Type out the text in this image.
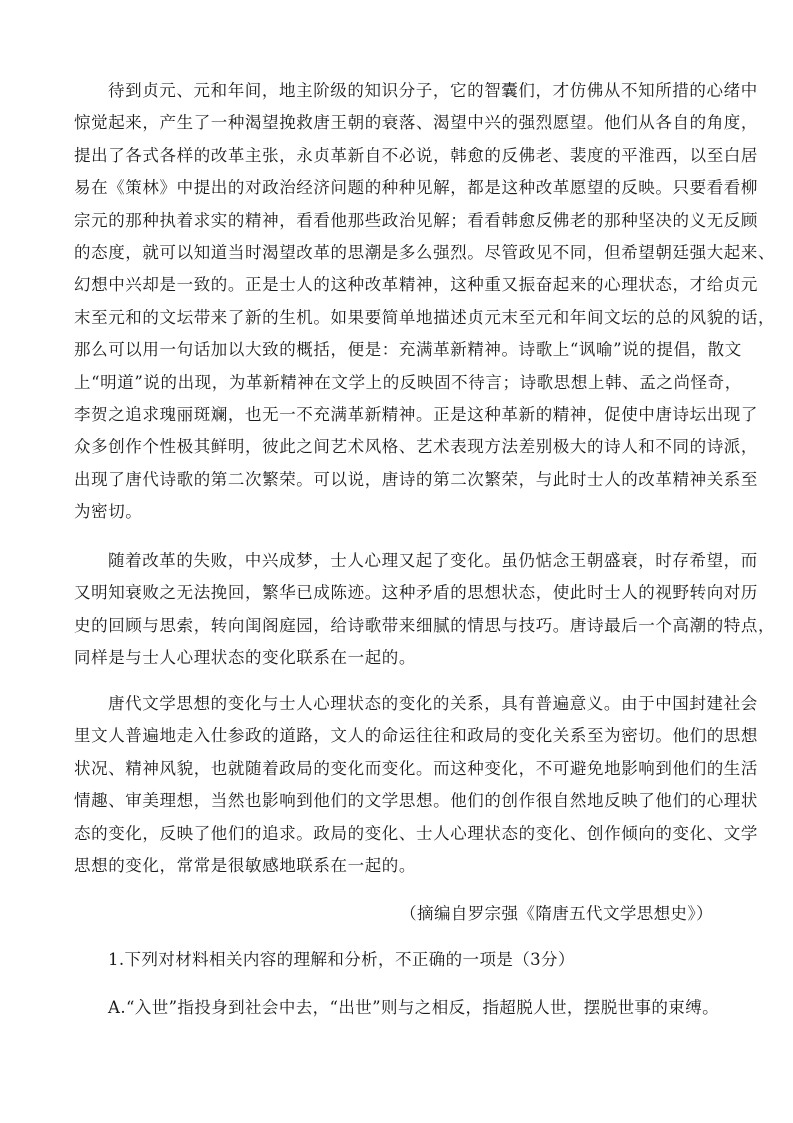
待到贞元、元和年间，地主阶级的知识分子，它的智囊们，才仿佛从不知所措的心绪中
惊觉起来，产生了一种渴望挽救唐王朝的衰落、渴望中兴的强烈愿望。他们从各自的角度，
提出了各式各样的改革主张，永贞革新自不必说，韩愈的反佛老、裴度的平淮西，以至白居
易在《策林》中提出的对政治经济问题的种种见解，都是这种改革愿望的反映。只要看看柳
宗元的那种执着求实的精神，看看他那些政治见解；看看韩愈反佛老的那种坚决的义无反顾
的态度，就可以知道当时渴望改革的思潮是多么强烈。尽管政见不同，但希望朝廷强大起来、
幻想中兴却是一致的。正是士人的这种改革精神，这种重又振奋起来的心理状态，才给贞元
末至元和的文坛带来了新的生机。如果要简单地描述贞元末至元和年间文坛的总的风貌的话，
那么可以用一句话加以大致的概括，便是：充满革新精神。诗歌上“讽喻”说的提倡，散文
上“明道”说的出现，为革新精神在文学上的反映固不待言；诗歌思想上韩、孟之尚怪奇，
李贺之追求瑰丽斑斓，也无一不充满革新精神。正是这种革新的精神，促使中唐诗坛出现了
众多创作个性极其鲜明，彼此之间艺术风格、艺术表现方法差别极大的诗人和不同的诗派，
出现了唐代诗歌的第二次繁荣。可以说，唐诗的第二次繁荣，与此时士人的改革精神关系至
为密切。
随着改革的失败，中兴成梦，士人心理又起了变化。虽仍惦念王朝盛衰，时存希望，而
又明知衰败之无法挽回，繁华已成陈迹。这种矛盾的思想状态，使此时士人的视野转向对历
史的回顾与思索，转向闺阁庭园，给诗歌带来细腻的情思与技巧。唐诗最后一个高潮的特点，
同样是与士人心理状态的变化联系在一起的。
唐代文学思想的变化与士人心理状态的变化的关系，具有普遍意义。由于中国封建社会
里文人普遍地走入仕参政的道路，文人的命运往往和政局的变化关系至为密切。他们的思想
状况、精神风貌，也就随着政局的变化而变化。而这种变化，不可避免地影响到他们的生活
情趣、审美理想，当然也影响到他们的文学思想。他们的创作很自然地反映了他们的心理状
态的变化，反映了他们的追求。政局的变化、士人心理状态的变化、创作倾向的变化、文学
思想的变化，常常是很敏感地联系在一起的。
（摘编自罗宗强《隋唐五代文学思想史》）
1.下列对材料相关内容的理解和分析，不正确的一项是（3分）
A.“入世”指投身到社会中去，“出世”则与之相反，指超脱人世，摆脱世事的束缚。
